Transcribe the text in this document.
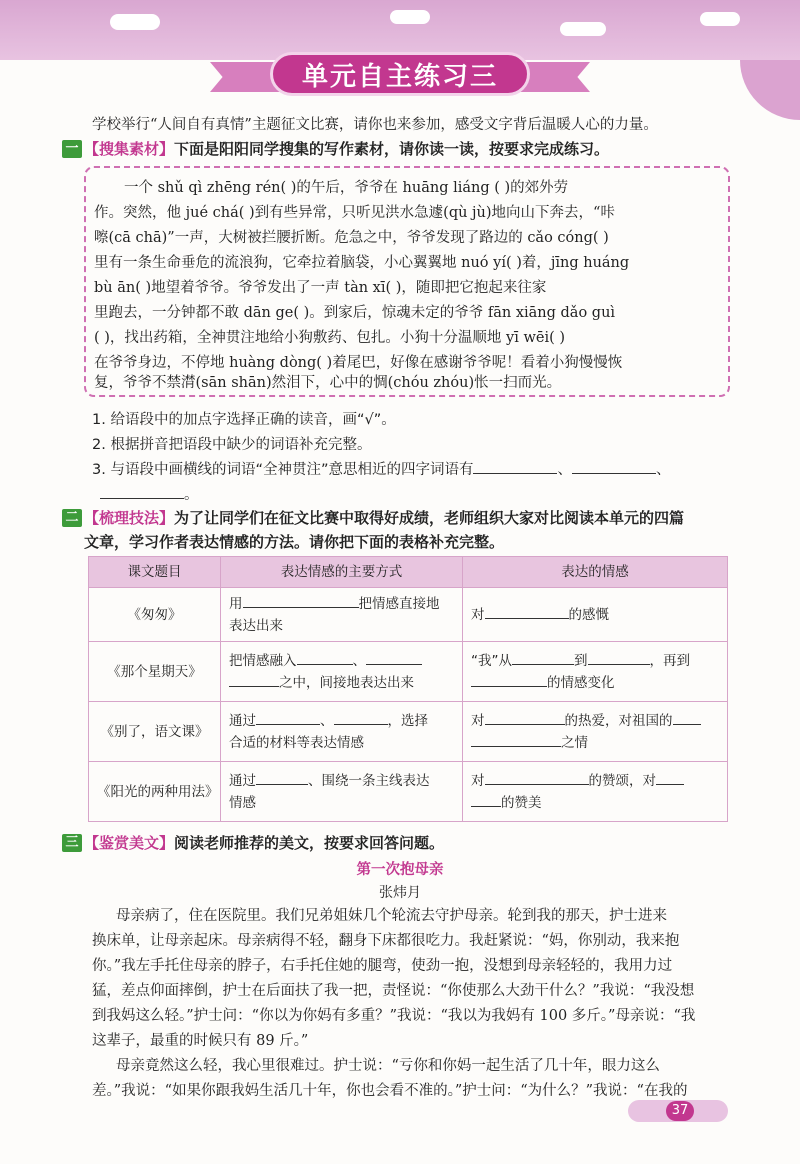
单元自主练习三
学校举行“人间自有真情”主题征文比赛，请你也来参加，感受文字背后温暖人心的力量。
一 【搜集素材】 下面是阳阳同学搜集的写作素材，请你读一读，按要求完成练习。
一个 shǔ qì zhēng rén( )的午后，爷爷在 huāng liáng ( )的郊外劳
作。突然，他 jué chá( )到有些异常，只听见洪水急遽(qù jù)地向山下奔去，“咔
嚓(cā chā)”一声，大树被拦腰折断。危急之中，爷爷发现了路边的 cǎo cóng( )
里有一条生命垂危的流浪狗，它牵拉着脑袋，小心翼翼地 nuó yí( )着，jīng huáng
bù ān( )地望着爷爷。爷爷发出了一声 tàn xī( )，随即把它抱起来往家
里跑去，一分钟都不敢 dān ge( )。到家后，惊魂未定的爷爷 fān xiāng dǎo guì
( )，找出药箱，全神贯注地给小狗敷药、包扎。小狗十分温顺地 yī wēi( )
在爷爷身边，不停地 huàng dòng( )着尾巴，好像在感谢爷爷呢！看着小狗慢慢恢
复，爷爷不禁潸(sān shān)然泪下，心中的惆(chóu zhóu)怅一扫而光。
1. 给语段中的加点字选择正确的读音，画“√”。
2. 根据拼音把语段中缺少的词语补充完整。
3. 与语段中画横线的词语“全神贯注”意思相近的四字词语有	、	、
。
二 【梳理技法】 为了让同学们在征文比赛中取得好成绩，老师组织大家对比阅读本单元的四篇
文章，学习作者表达情感的方法。请你把下面的表格补充完整。
课文题目	表达情感的主要方式	表达的情感
《匆匆》	用 把情感直接地
表达出来	对 的感慨
《那个星期天》	把情感融入 、
之中，间接地表达出来	“我”从 到 ，再到
的情感变化
《别了，语文课》	通过 、 ，选择
合适的材料等表达情感	对 的热爱，对祖国的
之情
《阳光的两种用法》	通过 、围绕一条主线表达
情感	对 的赞颂，对
的赞美
三 【鉴赏美文】 阅读老师推荐的美文，按要求回答问题。
第一次抱母亲
张炜月
母亲病了，住在医院里。我们兄弟姐妹几个轮流去守护母亲。轮到我的那天，护士进来
换床单，让母亲起床。母亲病得不轻，翻身下床都很吃力。我赶紧说：“妈，你别动，我来抱
你。”我左手托住母亲的脖子，右手托住她的腿弯，使劲一抱，没想到母亲轻轻的，我用力过
猛，差点仰面摔倒，护士在后面扶了我一把，责怪说：“你使那么大劲干什么？”我说：“我没想
到我妈这么轻。”护士问：“你以为你妈有多重？”我说：“我以为我妈有 100 多斤。”母亲说：“我
这辈子，最重的时候只有 89 斤。”
母亲竟然这么轻，我心里很难过。护士说：“亏你和你妈一起生活了几十年，眼力这么
差。”我说：“如果你跟我妈生活几十年，你也会看不准的。”护士问：“为什么？”我说：“在我的
37
